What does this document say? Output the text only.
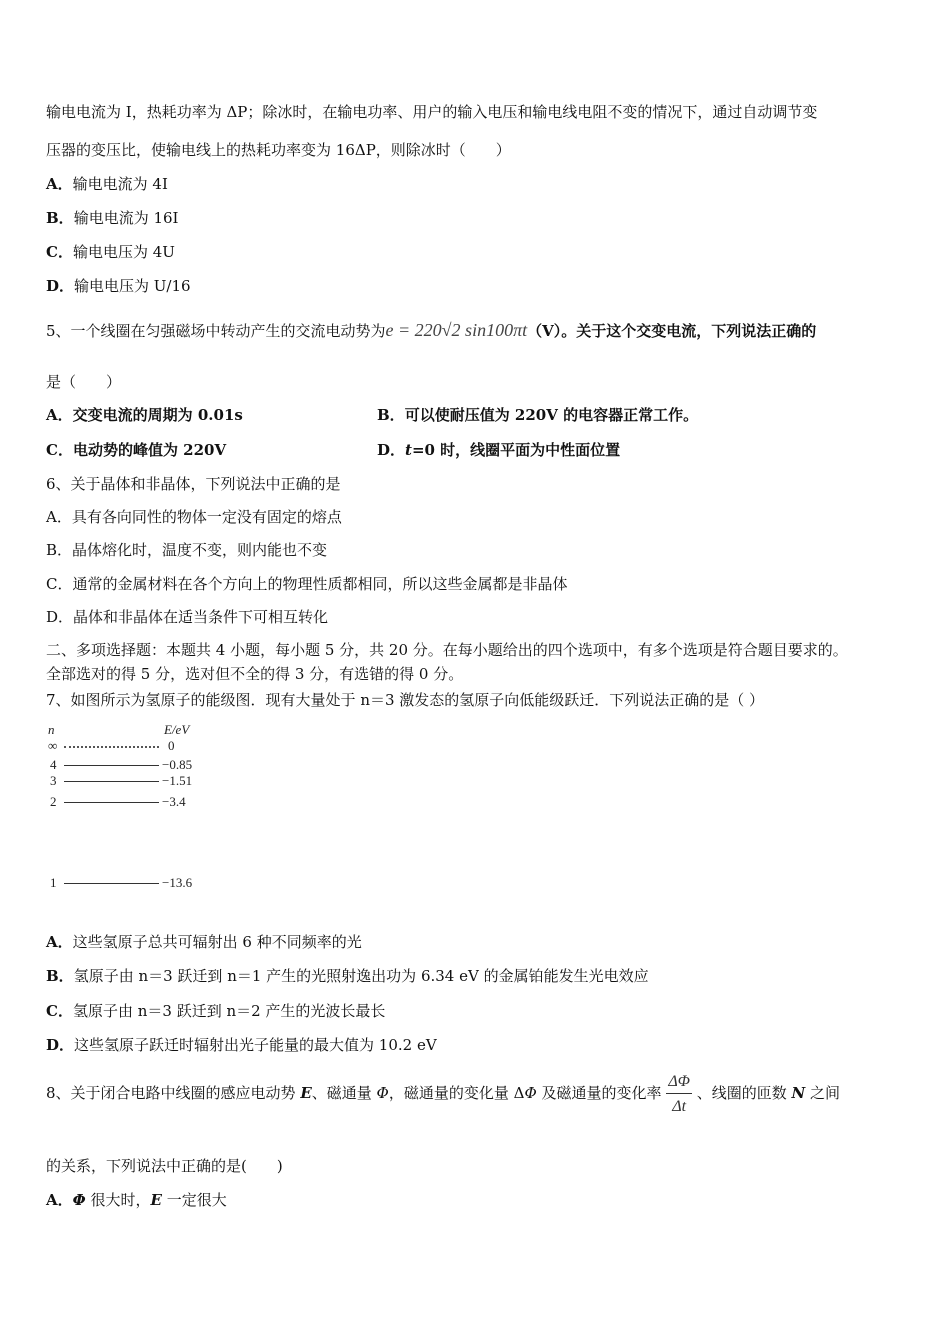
输电电流为 I，热耗功率为 ΔP；除冰时，在输电功率、用户的输入电压和输电线电阻不变的情况下，通过自动调节变
压器的变压比，使输电线上的热耗功率变为 16ΔP，则除冰时（　　）
A．输电电流为 4I
B．输电电流为 16I
C．输电电压为 4U
D．输电电压为 U/16
5、一个线圈在匀强磁场中转动产生的交流电动势为e = 220√2 sin100πt（V）。关于这个交变电流，下列说法正确的
是（　　）
A．交变电流的周期为 0.01s	B．可以使耐压值为 220V 的电容器正常工作。
C．电动势的峰值为 220V	D．t=0 时，线圈平面为中性面位置
6、关于晶体和非晶体，下列说法中正确的是
A．具有各向同性的物体一定没有固定的熔点
B．晶体熔化时，温度不变，则内能也不变
C．通常的金属材料在各个方向上的物理性质都相同，所以这些金属都是非晶体
D．晶体和非晶体在适当条件下可相互转化
二、多项选择题：本题共 4 小题，每小题 5 分，共 20 分。在每小题给出的四个选项中，有多个选项是符合题目要求的。
全部选对的得 5 分，选对但不全的得 3 分，有选错的得 0 分。
7、如图所示为氢原子的能级图．现有大量处于 n＝3 激发态的氢原子向低能级跃迁．下列说法正确的是（ ）
n	E/eV
∞	0
4	−0.85
3	−1.51
2	−3.4
1	−13.6
A．这些氢原子总共可辐射出 6 种不同频率的光
B．氢原子由 n＝3 跃迁到 n＝1 产生的光照射逸出功为 6.34 eV 的金属铂能发生光电效应
C．氢原子由 n＝3 跃迁到 n＝2 产生的光波长最长
D．这些氢原子跃迁时辐射出光子能量的最大值为 10.2 eV
8、关于闭合电路中线圈的感应电动势 E、磁通量 Φ，磁通量的变化量 ΔΦ 及磁通量的变化率 $\frac{\Delta\Phi}{\Delta t}$ 、线圈的匝数 N 之间
的关系，下列说法中正确的是(　　)
A．Φ 很大时，E 一定很大
